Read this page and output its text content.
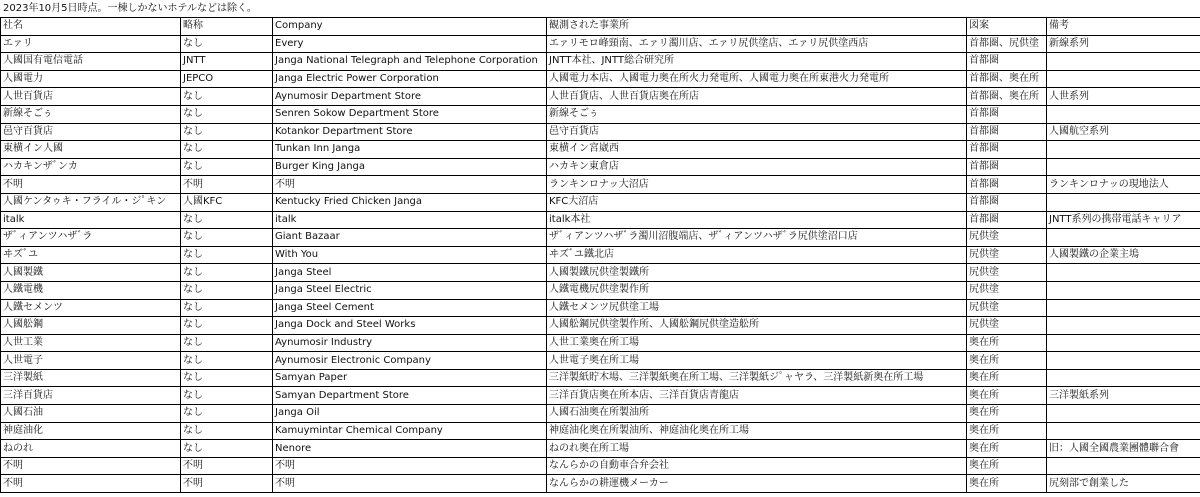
2023年10月5日時点。一棟しかないホテルなどは除く。
社名	略称	Company	観測された事業所	図案	備考
エァリ	なし	Every	エァリモロ峰頸南、エァリ濁川店、エァリ尻供塗店、エァリ尻供塗西店	首都圏、尻供塗	新線系列
人國国有電信電話	JNTT	Janga National Telegraph and Telephone Corporation	JNTT本社、JNTT総合研究所	首都圏	
人國電力	JEPCO	Janga Electric Power Corporation	人國電力本店、人國電力奥在所火力発電所、人國電力奥在所東港火力発電所	首都圏、奥在所	
人世百貨店	なし	Aynumosir Department Store	人世百貨店、人世百貨店奥在所店	首都圏、奥在所	人世系列
新線そごぅ	なし	Senren Sokow Department Store	新線そごぅ	首都圏	
邑守百貨店	なし	Kotankor Department Store	邑守百貨店	首都圏	人國航空系列
東横イン人國	なし	Tunkan Inn Janga	東横イン宮崴西	首都圏	
ハカキンザﾞンカ	なし	Burger King Janga	ハカキン東倉店	首都圏	
不明	不明	不明	ランキンロナッ大沼店	首都圏	ランキンロナッの現地法人
人國ケンタゥキ・フライル・ジﾟキン	人國KFC	Kentucky Fried Chicken Janga	KFC大沼店	首都圏	
italk	なし	italk	italk本社	首都圏	JNTT系列の携帯電話キャリア
ザﾞィアンツハザﾞラ	なし	Giant Bazaar	ザﾞィアンツハザﾞラ濁川沼腹端店、ザﾞィアンツハザﾞラ尻供塗沼口店	尻供塗	
ヰズﾞユ	なし	With You	ヰズﾞユ鐵北店	尻供塗	人國製鐵の企業主塢
人國製鐵	なし	Janga Steel	人國製鐵尻供塗製鐵所	尻供塗	
人鐵電機	なし	Janga Steel Electric	人鐵電機尻供塗製作所	尻供塗	
人鐵セメンツ	なし	Janga Steel Cement	人鐵セメンツ尻供塗工場	尻供塗	
人國舩鋼	なし	Janga Dock and Steel Works	人國舩鋼尻供塗製作所、人國舩鋼尻供塗造舩所	尻供塗	
人世工業	なし	Aynumosir Industry	人世工業奥在所工場	奥在所	
人世電子	なし	Aynumosir Electronic Company	人世電子奥在所工場	奥在所	
三洋製紙	なし	Samyan Paper	三洋製紙貯木場、三洋製紙奥在所工場、三洋製紙ジﾟャヤラ、三洋製紙新奥在所工場	奥在所	
三洋百貨店	なし	Samyan Department Store	三洋百貨店奥在所本店、三洋百貨店青龍店	奥在所	三洋製紙系列
人國石油	なし	Janga Oil	人國石油奥在所製油所	奥在所	
神庭油化	なし	Kamuymintar Chemical Company	神庭油化奥在所製油所、神庭油化奥在所工場	奥在所	
ねのれ	なし	Nenore	ねのれ奥在所工場	奥在所	旧：人國全國農業團體聯合會
不明	不明	不明	なんらかの自動車合弁会社	奥在所	
不明	不明	不明	なんらかの耕運機メーカー	奥在所	尻刻部で創業した
